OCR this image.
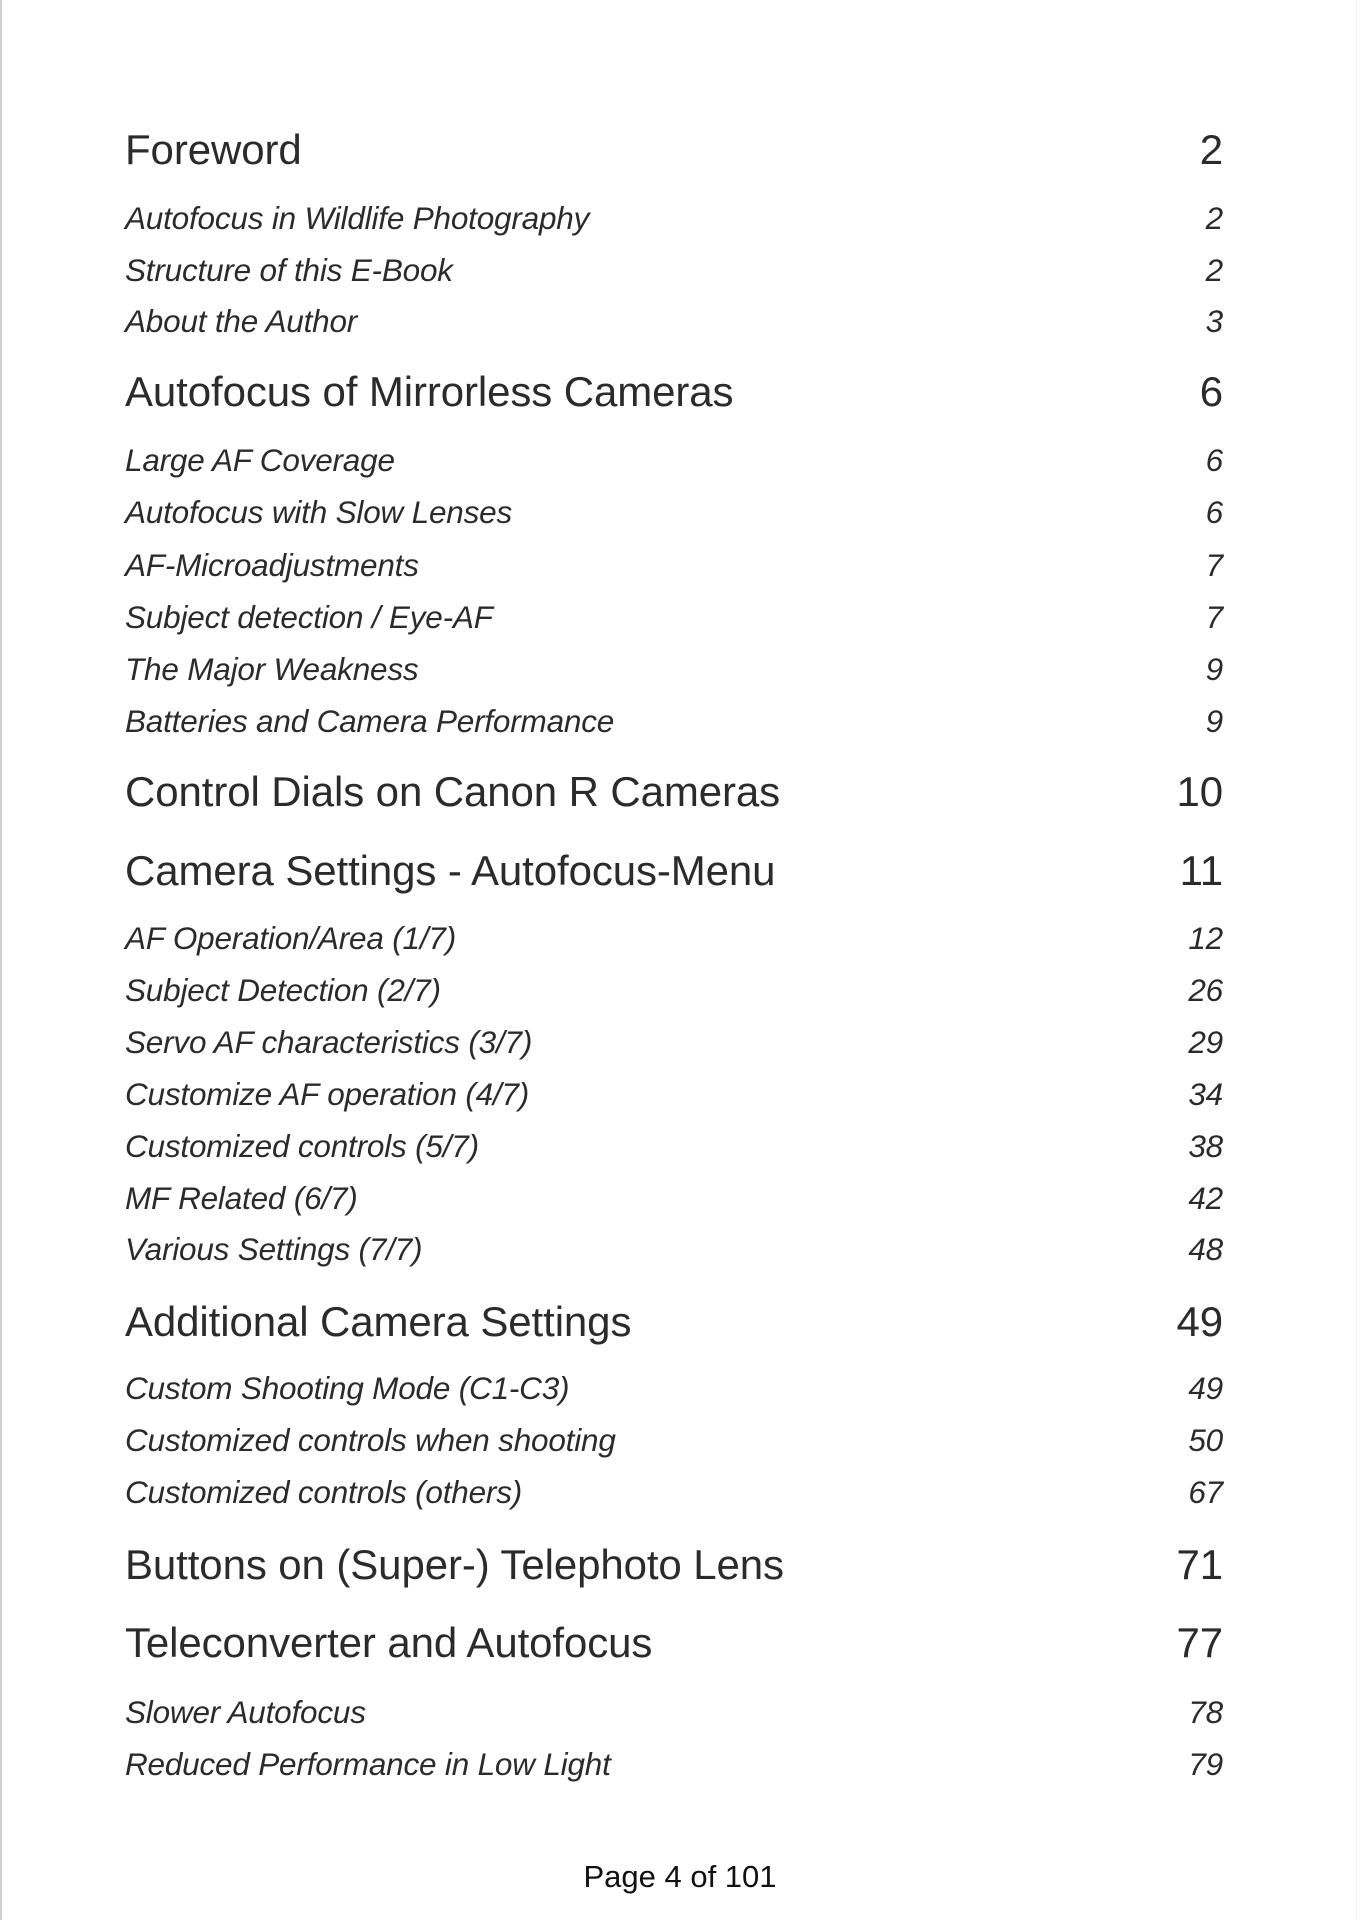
Foreword	2
Autofocus in Wildlife Photography	2
Structure of this E-Book	2
About the Author	3
Autofocus of Mirrorless Cameras	6
Large AF Coverage	6
Autofocus with Slow Lenses	6
AF-Microadjustments	7
Subject detection / Eye-AF	7
The Major Weakness	9
Batteries and Camera Performance	9
Control Dials on Canon R Cameras	10
Camera Settings - Autofocus-Menu	11
AF Operation/Area (1/7)	12
Subject Detection (2/7)	26
Servo AF characteristics (3/7)	29
Customize AF operation (4/7)	34
Customized controls (5/7)	38
MF Related (6/7)	42
Various Settings (7/7)	48
Additional Camera Settings	49
Custom Shooting Mode (C1-C3)	49
Customized controls when shooting	50
Customized controls (others)	67
Buttons on (Super-) Telephoto Lens	71
Teleconverter and Autofocus	77
Slower Autofocus	78
Reduced Performance in Low Light	79
Page 4 of 101
